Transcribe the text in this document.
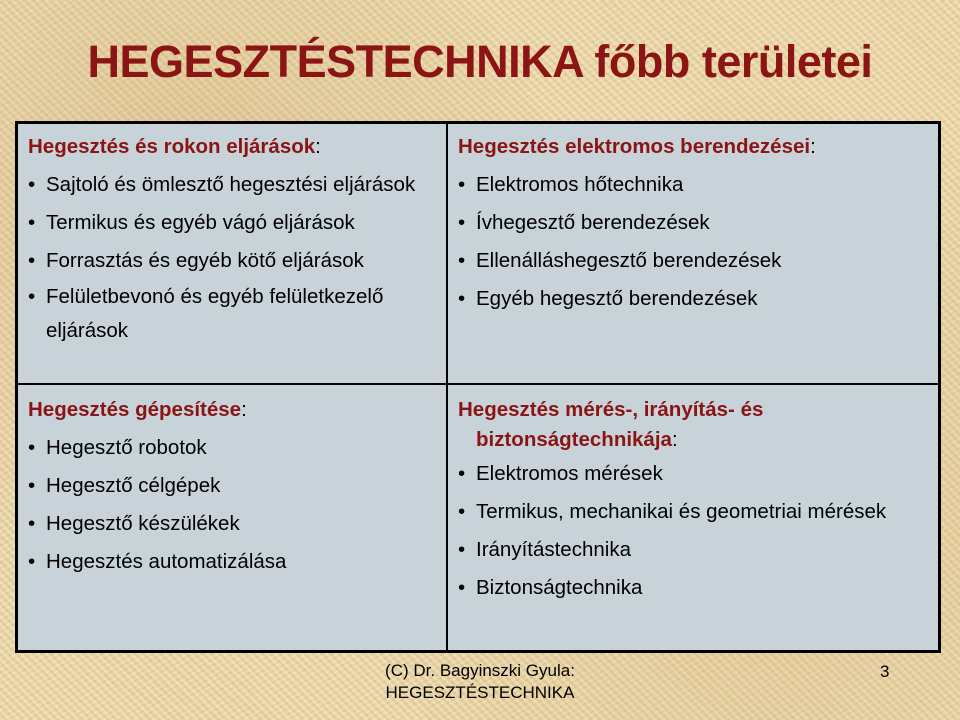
HEGESZTÉSTECHNIKA főbb területei
Hegesztés és rokon eljárások:
• Sajtoló és ömlesztő hegesztési eljárások
• Termikus és egyéb vágó eljárások
• Forrasztás és egyéb kötő eljárások
• Felületbevonó és egyéb felületkezelő eljárások
Hegesztés elektromos berendezései:
• Elektromos hőtechnika
• Ívhegesztő berendezések
• Ellenálláshegesztő berendezések
• Egyéb hegesztő berendezések
Hegesztés gépesítése:
• Hegesztő robotok
• Hegesztő célgépek
• Hegesztő készülékek
• Hegesztés automatizálása
Hegesztés mérés-, irányítás- és
biztonságtechnikája:
• Elektromos mérések
• Termikus, mechanikai és geometriai mérések
• Irányítástechnika
• Biztonságtechnika
(C) Dr. Bagyinszki Gyula:
HEGESZTÉSTECHNIKA
3
